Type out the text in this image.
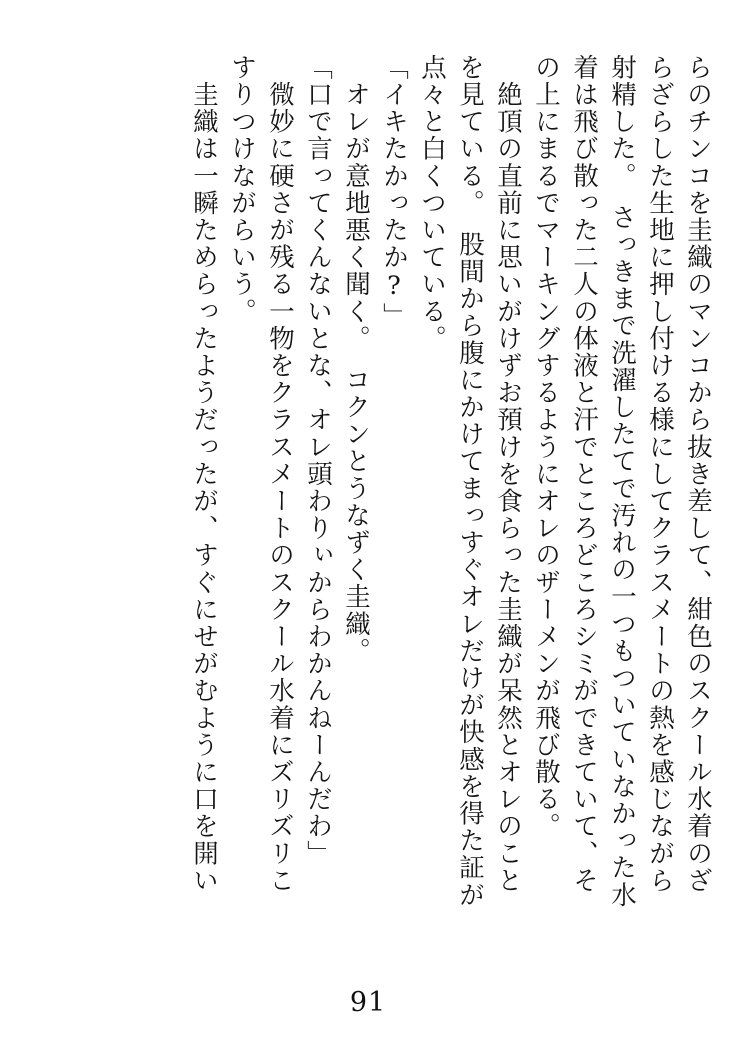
らのチンコを圭織のマンコから抜き差して、紺色のスクール水着のざ
らざらした生地に押し付ける様にしてクラスメートの熱を感じながら
射精した。　さっきまで洗濯したてで汚れの一つもついていなかった水
着は飛び散った二人の体液と汗でところどころシミができていて、そ
の上にまるでマーキングするようにオレのザーメンが飛び散る。
　絶頂の直前に思いがけずお預けを食らった圭織が呆然とオレのこと
を見ている。　股間から腹にかけてまっすぐオレだけが快感を得た証が
点々と白くついている。
「イキたかったか?」
　オレが意地悪く聞く。　コクンとうなずく圭織。
「口で言ってくんないとな、オレ頭わりぃからわかんねーんだわ」
　微妙に硬さが残る一物をクラスメートのスクール水着にズリズリこ
すりつけながらいう。
　圭織は一瞬ためらったようだったが、すぐにせがむように口を開い
91
